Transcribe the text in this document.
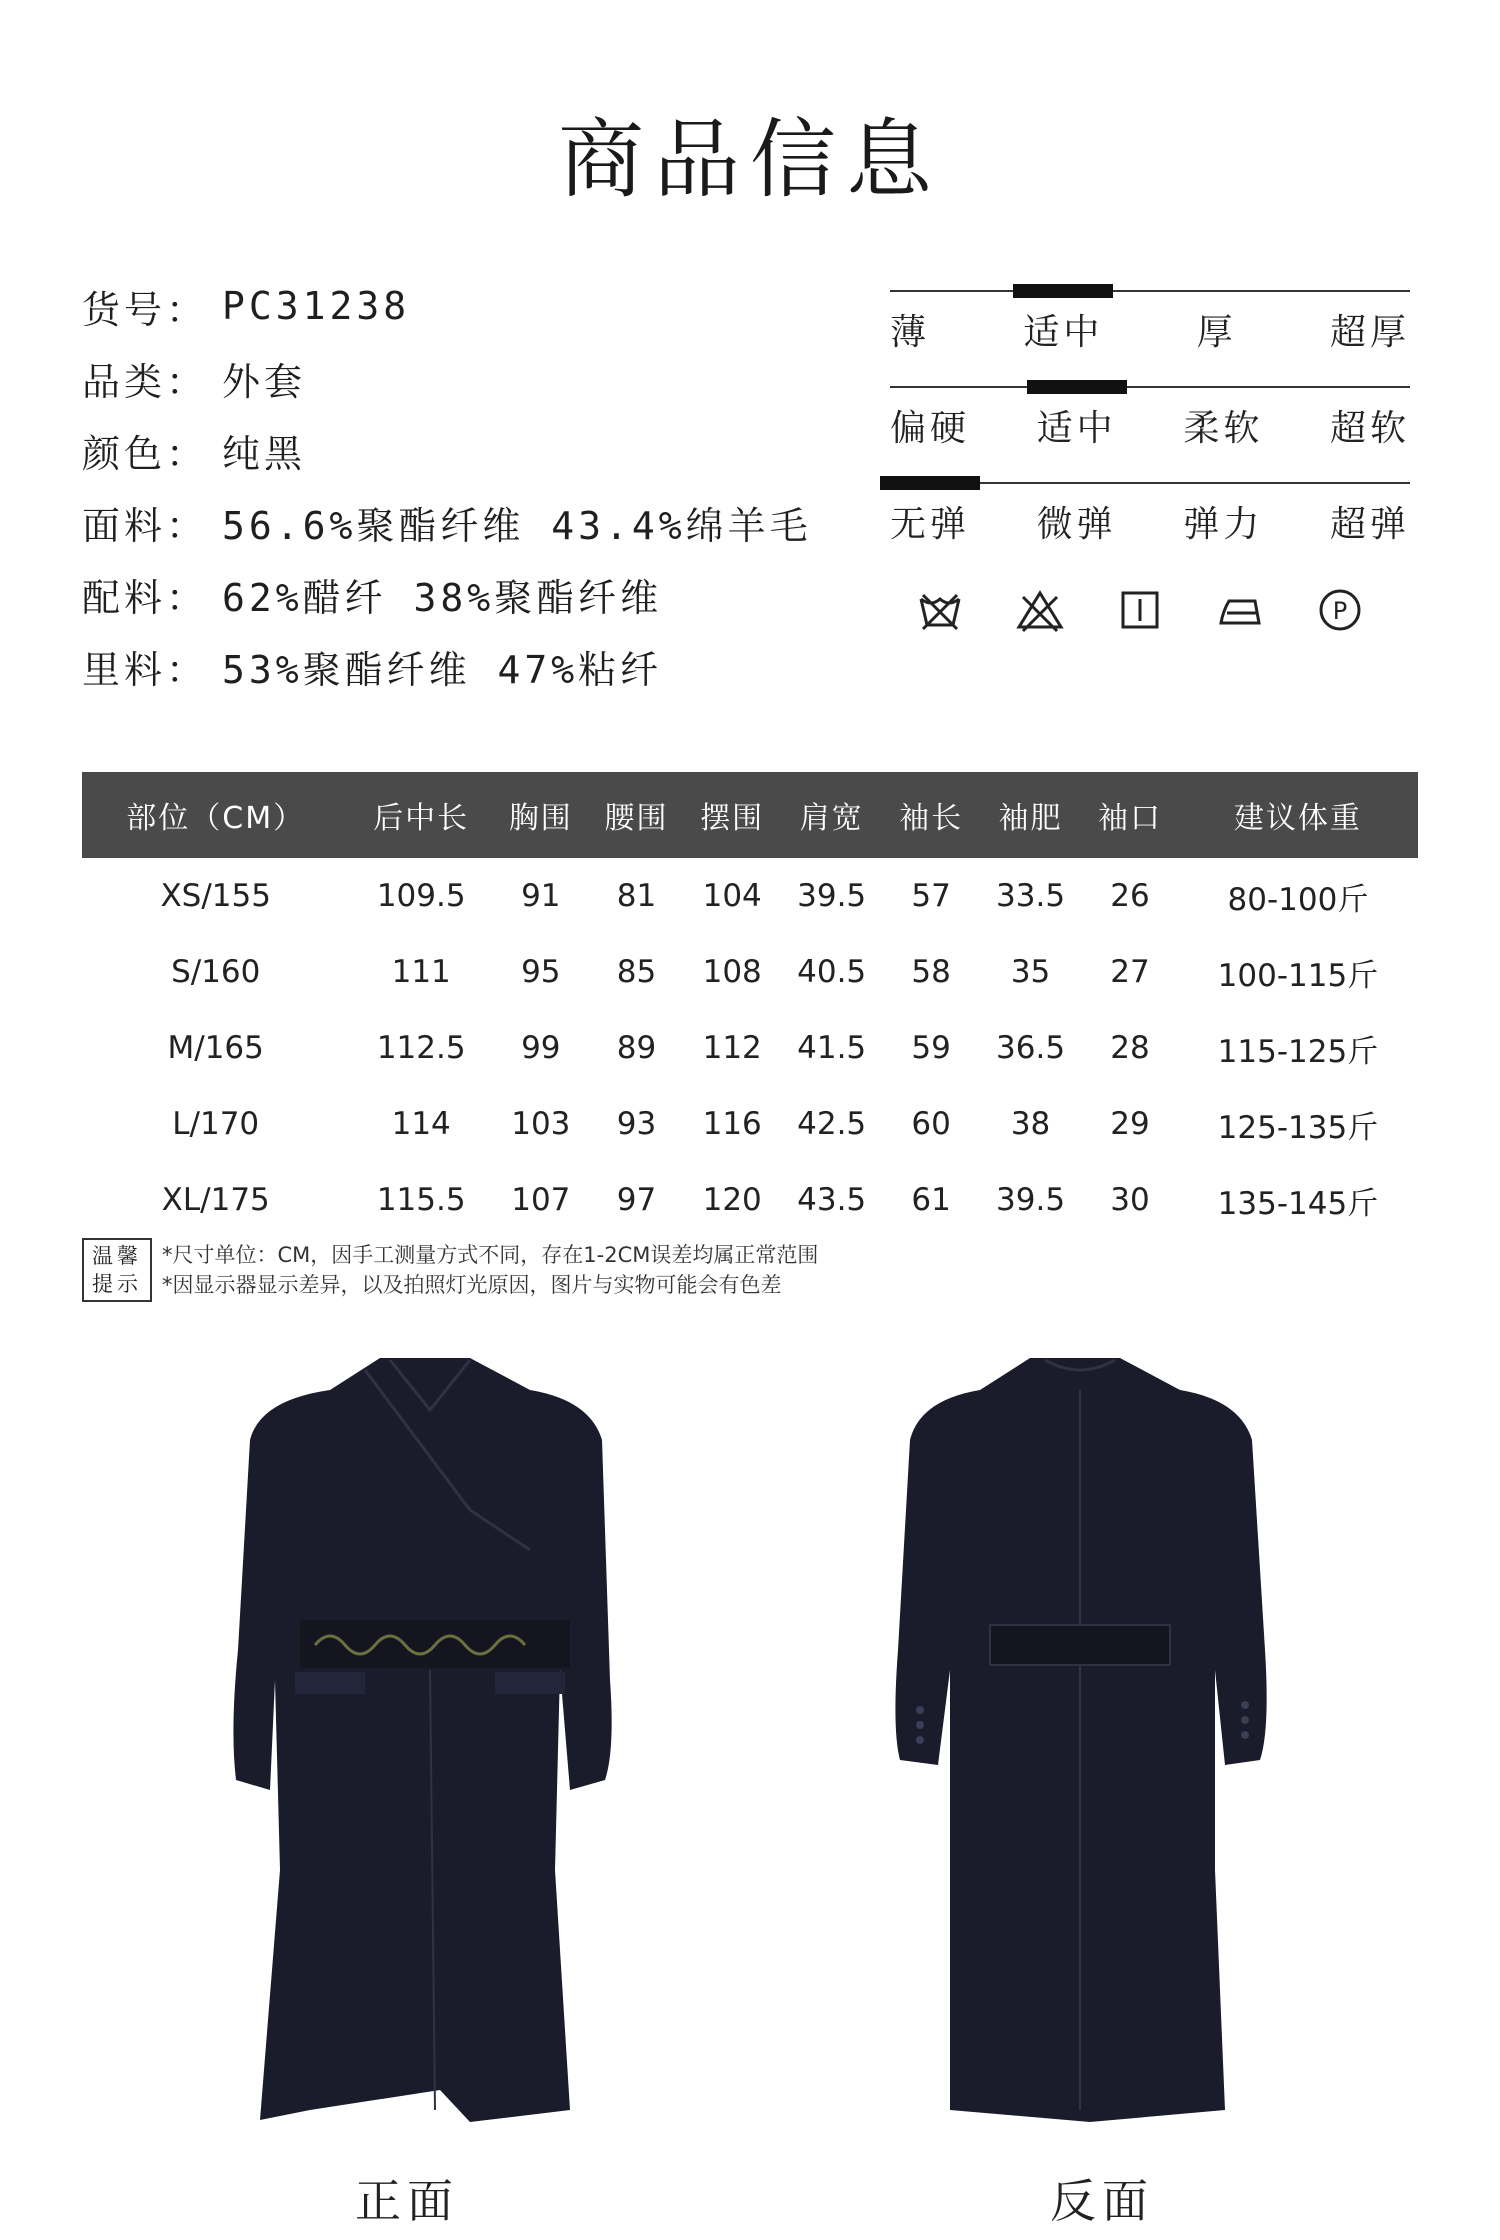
商品信息
货号： PC31238
品类： 外套
颜色： 纯黑
面料： 56.6%聚酯纤维 43.4%绵羊毛
配料： 62%醋纤 38%聚酯纤维
里料： 53%聚酯纤维 47%粘纤
薄	适中	厚	超厚
偏硬 适中 柔软 超软
无弹 微弹 弹力 超弹
P
部位（CM）	后中长	胸围	腰围	摆围	肩宽	袖长	袖肥	袖口	建议体重
XS/155	109.5	91	81	104	39.5	57	33.5	26	80-100斤
S/160	111	95	85	108	40.5	58	35	27	100-115斤
M/165	112.5	99	89	112	41.5	59	36.5	28	115-125斤
L/170	114	103	93	116	42.5	60	38	29	125-135斤
XL/175	115.5	107	97	120	43.5	61	39.5	30	135-145斤
温馨
提示
*尺寸单位：CM，因手工测量方式不同，存在1-2CM误差均属正常范围
*因显示器显示差异，以及拍照灯光原因，图片与实物可能会有色差
正面	反面
